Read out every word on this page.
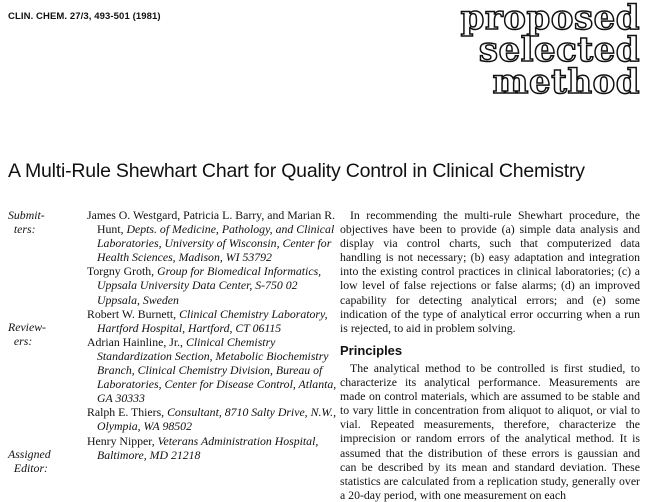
CLIN. CHEM. 27/3, 493-501 (1981)	proposed
selected
method
A Multi-Rule Shewhart Chart for Quality Control in Clinical Chemistry
Submit-
ters:
Review-
ers:
Assigned
Editor:
James O. Westgard, Patricia L. Barry, and Marian R. Hunt, Depts. of Medicine, Pathology, and Clinical Laboratories, University of Wisconsin, Center for Health Sciences, Madison, WI 53792
Torgny Groth, Group for Biomedical Informatics, Uppsala University Data Center, S-750 02 Uppsala, Sweden
Robert W. Burnett, Clinical Chemistry Laboratory, Hartford Hospital, Hartford, CT 06115
Adrian Hainline, Jr., Clinical Chemistry Standardization Section, Metabolic Biochemistry Branch, Clinical Chemistry Division, Bureau of Laboratories, Center for Disease Control, Atlanta, GA 30333
Ralph E. Thiers, Consultant, 8710 Salty Drive, N.W., Olympia, WA 98502
Henry Nipper, Veterans Administration Hospital, Baltimore, MD 21218

In recommending the multi-rule Shewhart procedure, the objectives have been to provide (a) simple data analysis and display via control charts, such that computerized data handling is not necessary; (b) easy adaptation and integration into the existing control practices in clinical laboratories; (c) a low level of false rejections or false alarms; (d) an improved capability for detecting analytical errors; and (e) some indication of the type of analytical error occurring when a run is rejected, to aid in problem solving.

Principles

The analytical method to be controlled is first studied, to characterize its analytical performance. Measurements are made on control materials, which are assumed to be stable and to vary little in concentration from aliquot to aliquot, or vial to vial. Repeated measurements, therefore, characterize the imprecision or random errors of the analytical method. It is assumed that the distribution of these errors is gaussian and can be described by its mean and standard deviation. These statistics are calculated from a replication study, generally over a 20-day period, with one measurement on each
